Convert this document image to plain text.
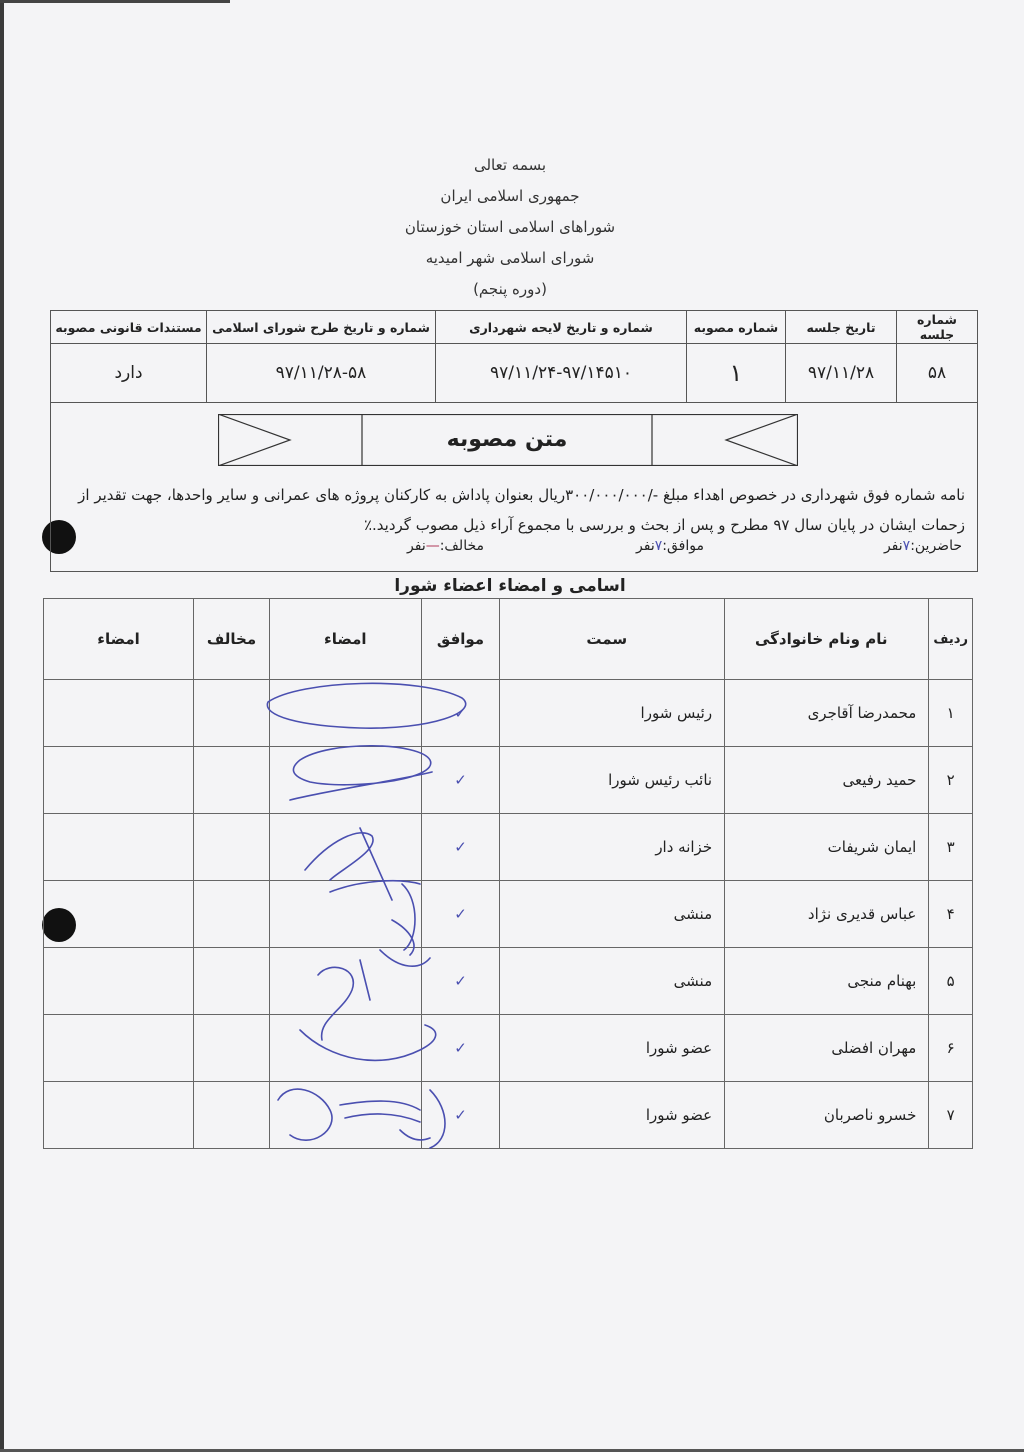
بسمه تعالی
جمهوری اسلامی ایران
شوراهای اسلامی استان خوزستان
شورای اسلامی شهر امیدیه
(دوره پنجم)
شماره جلسه	تاریخ جلسه	شماره مصوبه	شماره و تاریخ لایحه شهرداری	شماره و تاریخ طرح شورای اسلامی	مستندات قانونی مصوبه
۵۸	۹۷/۱۱/۲۸	۱	۹۷/۱۱/۲۴-۹۷/۱۴۵۱۰	۹۷/۱۱/۲۸-۵۸	دارد
متن مصوبه
نامه شماره فوق شهرداری در خصوص اهداء مبلغ -/۳۰۰/۰۰۰/۰۰۰ریال بعنوان پاداش به کارکنان پروژه های عمرانی و سایر واحدها، جهت تقدیر از
زحمات ایشان در پایان سال ۹۷ مطرح و پس از بحث و بررسی با مجموع آراء ذیل مصوب گردید.٪
حاضرین:۷نفر
موافق:۷نفر
مخالف:—نفر
اسامی و امضاء اعضاء شورا
ردیف	نام ونام خانوادگی	سمت	موافق	امضاء	مخالف	امضاء
۱	محمدرضا آقاجری	رئیس شورا	✓			
۲	حمید رفیعی	نائب رئیس شورا	✓			
۳	ایمان شریفات	خزانه دار	✓			
۴	عباس قدیری نژاد	منشی	✓			
۵	بهنام منجی	منشی	✓			
۶	مهران افضلی	عضو شورا	✓			
۷	خسرو ناصربان	عضو شورا	✓			
